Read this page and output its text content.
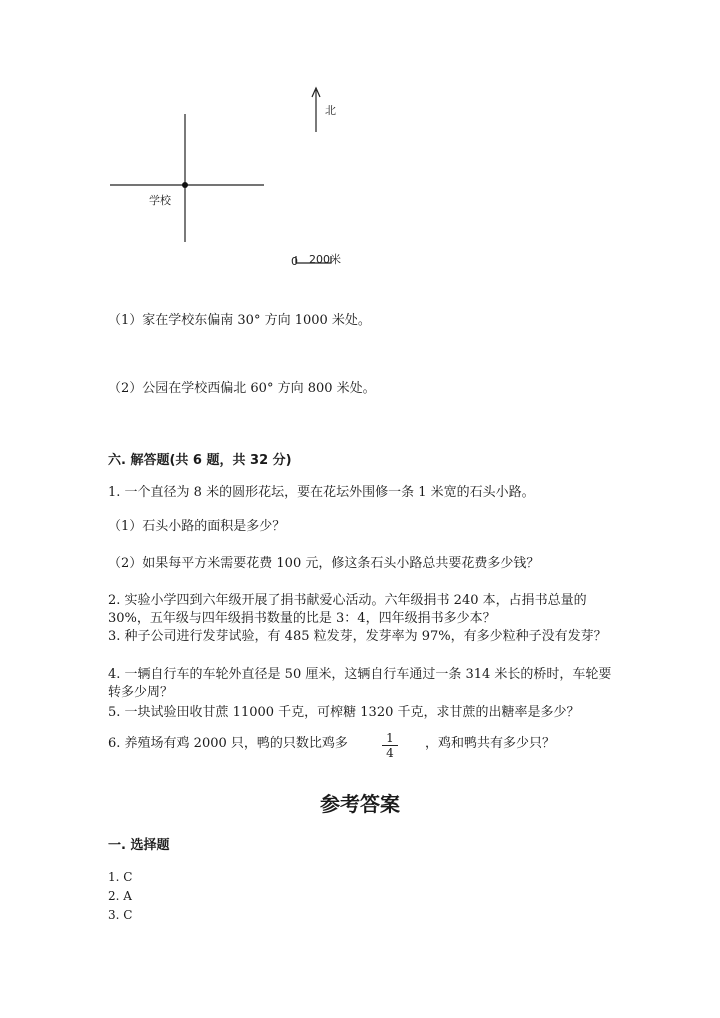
北
学校
0 200米
（1）家在学校东偏南 30° 方向 1000 米处。
（2）公园在学校西偏北 60° 方向 800 米处。
六. 解答题(共 6 题，共 32 分)
1. 一个直径为 8 米的圆形花坛，要在花坛外围修一条 1 米宽的石头小路。
（1）石头小路的面积是多少？
（2）如果每平方米需要花费 100 元，修这条石头小路总共要花费多少钱？
2. 实验小学四到六年级开展了捐书献爱心活动。六年级捐书 240 本，占捐书总量的 30%，五年级与四年级捐书数量的比是 3：4，四年级捐书多少本？
3. 种子公司进行发芽试验，有 485 粒发芽，发芽率为 97%，有多少粒种子没有发芽？
4. 一辆自行车的车轮外直径是 50 厘米，这辆自行车通过一条 314 米长的桥时，车轮要转多少周？
5. 一块试验田收甘蔗 11000 千克，可榨糖 1320 千克，求甘蔗的出糖率是多少？
6. 养殖场有鸡 2000 只，鸭的只数比鸡多	$\frac{1}{4}$ ，鸡和鸭共有多少只？
参考答案
一. 选择题
1. C
2. A
3. C
